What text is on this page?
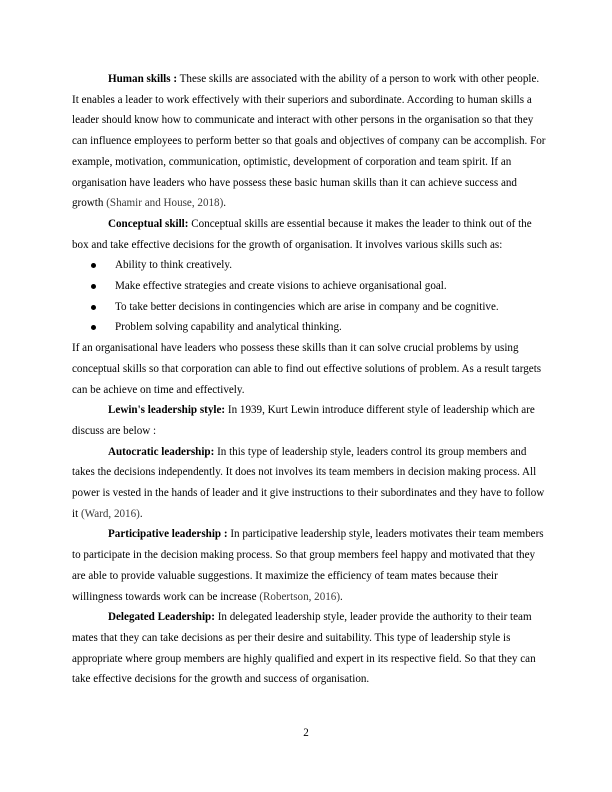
Human skills : These skills are associated with the ability of a person to work with other people. It enables a leader to work effectively with their superiors and subordinate. According to human skills a leader should know how to communicate and interact with other persons in the organisation so that they can influence employees to perform better so that goals and objectives of company can be accomplish. For example, motivation, communication, optimistic, development of corporation and team spirit. If an organisation have leaders who have possess these basic human skills than it can achieve success and growth (Shamir and House, 2018).

Conceptual skill: Conceptual skills are essential because it makes the leader to think out of the box and take effective decisions for the growth of organisation. It involves various skills such as:

Ability to think creatively.
Make effective strategies and create visions to achieve organisational goal.
To take better decisions in contingencies which are arise in company and be cognitive.
Problem solving capability and analytical thinking.

If an organisational have leaders who possess these skills than it can solve crucial problems by using conceptual skills so that corporation can able to find out effective solutions of problem. As a result targets can be achieve on time and effectively.

Lewin's leadership style: In 1939, Kurt Lewin introduce different style of leadership which are discuss are below :

Autocratic leadership: In this type of leadership style, leaders control its group members and takes the decisions independently. It does not involves its team members in decision making process. All power is vested in the hands of leader and it give instructions to their subordinates and they have to follow it (Ward, 2016).

Participative leadership : In participative leadership style, leaders motivates their team members to participate in the decision making process. So that group members feel happy and motivated that they are able to provide valuable suggestions. It maximize the efficiency of team mates because their willingness towards work can be increase (Robertson, 2016).

Delegated Leadership: In delegated leadership style, leader provide the authority to their team mates that they can take decisions as per their desire and suitability. This type of leadership style is appropriate where group members are highly qualified and expert in its respective field. So that they can take effective decisions for the growth and success of organisation.

2
